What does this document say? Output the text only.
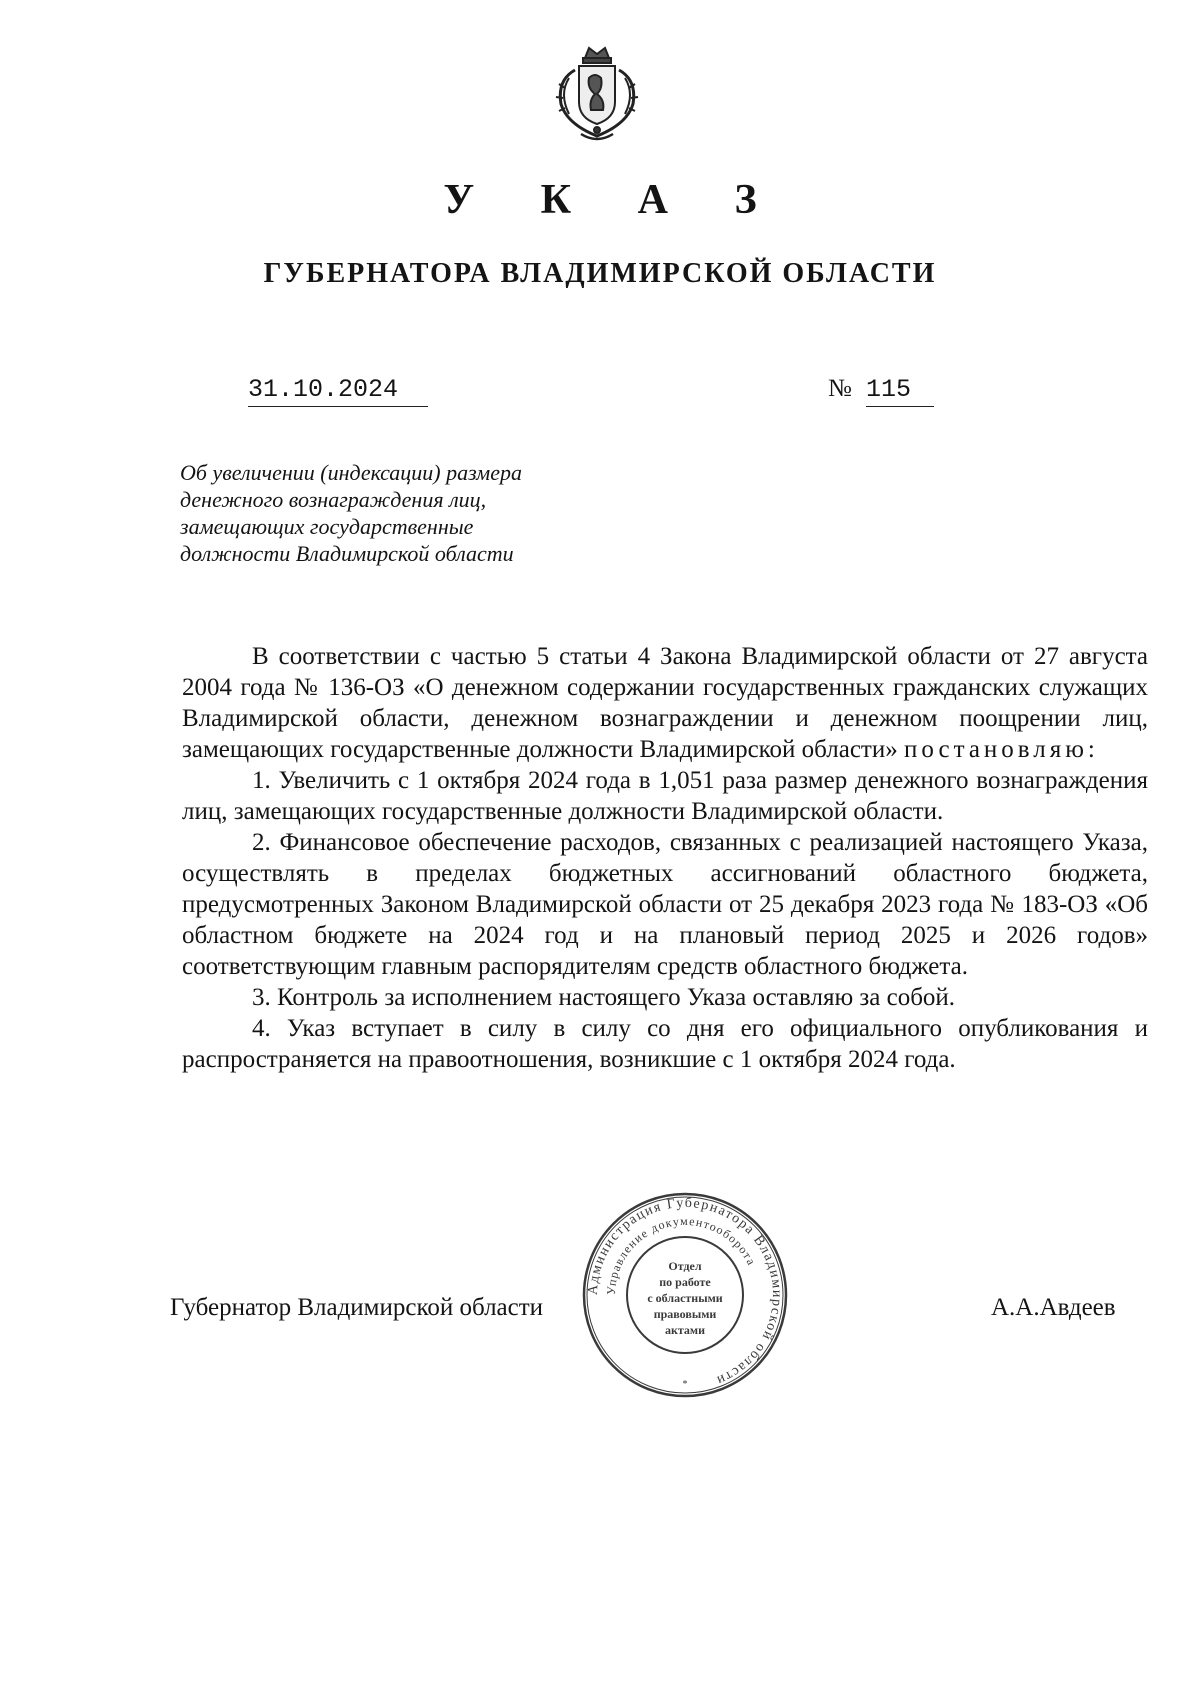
У К А З
ГУБЕРНАТОРА ВЛАДИМИРСКОЙ ОБЛАСТИ
31.10.2024	№ 115
Об увеличении (индексации) размера
денежного вознаграждения лиц,
замещающих государственные
должности Владимирской области

В соответствии с частью 5 статьи 4 Закона Владимирской области от 27 августа 2004 года № 136-ОЗ «О денежном содержании государственных гражданских служащих Владимирской области, денежном вознаграждении и денежном поощрении лиц, замещающих государственные должности Владимирской области» постановляю:

1. Увеличить с 1 октября 2024 года в 1,051 раза размер денежного вознаграждения лиц, замещающих государственные должности Владимирской области.

2. Финансовое обеспечение расходов, связанных с реализацией настоящего Указа, осуществлять в пределах бюджетных ассигнований областного бюджета, предусмотренных Законом Владимирской области от 25 декабря 2023 года № 183-ОЗ «Об областном бюджете на 2024 год и на плановый период 2025 и 2026 годов» соответствующим главным распорядителям средств областного бюджета.

3. Контроль за исполнением настоящего Указа оставляю за собой.

4. Указ вступает в силу в силу со дня его официального опубликования и распространяется на правоотношения, возникшие с 1 октября 2024 года.

Губернатор Владимирской области	А.А.Авдеев
Администрация Губернатора Владимирской области
Управление документооборота
Отдел
по работе
с областными
правовыми
актами
*
